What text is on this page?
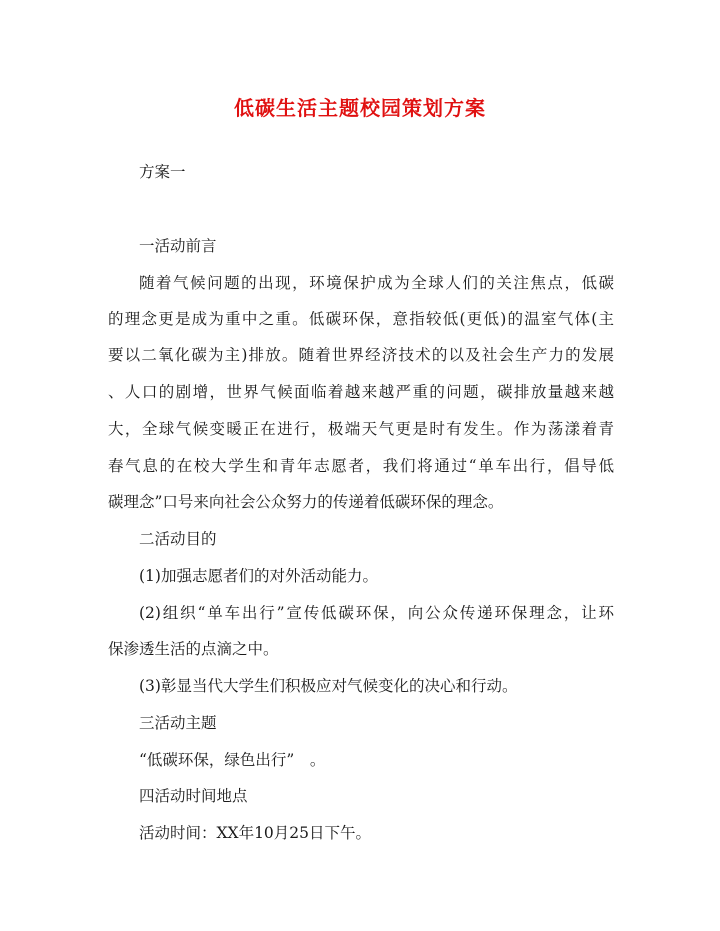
低碳生活主题校园策划方案
方案一
一活动前言
随着气候问题的出现，环境保护成为全球人们的关注焦点，低碳
的理念更是成为重中之重。低碳环保，意指较低(更低)的温室气体(主
要以二氧化碳为主)排放。随着世界经济技术的以及社会生产力的发展
、人口的剧增，世界气候面临着越来越严重的问题，碳排放量越来越
大，全球气候变暖正在进行，极端天气更是时有发生。作为荡漾着青
春气息的在校大学生和青年志愿者，我们将通过“单车出行，倡导低
碳理念”口号来向社会公众努力的传递着低碳环保的理念。
二活动目的
(1)加强志愿者们的对外活动能力。
(2)组织“单车出行”宣传低碳环保，向公众传递环保理念，让环
保渗透生活的点滴之中。
(3)彰显当代大学生们积极应对气候变化的决心和行动。
三活动主题
“低碳环保，绿色出行”　。
四活动时间地点
活动时间：XX年10月25日下午。
